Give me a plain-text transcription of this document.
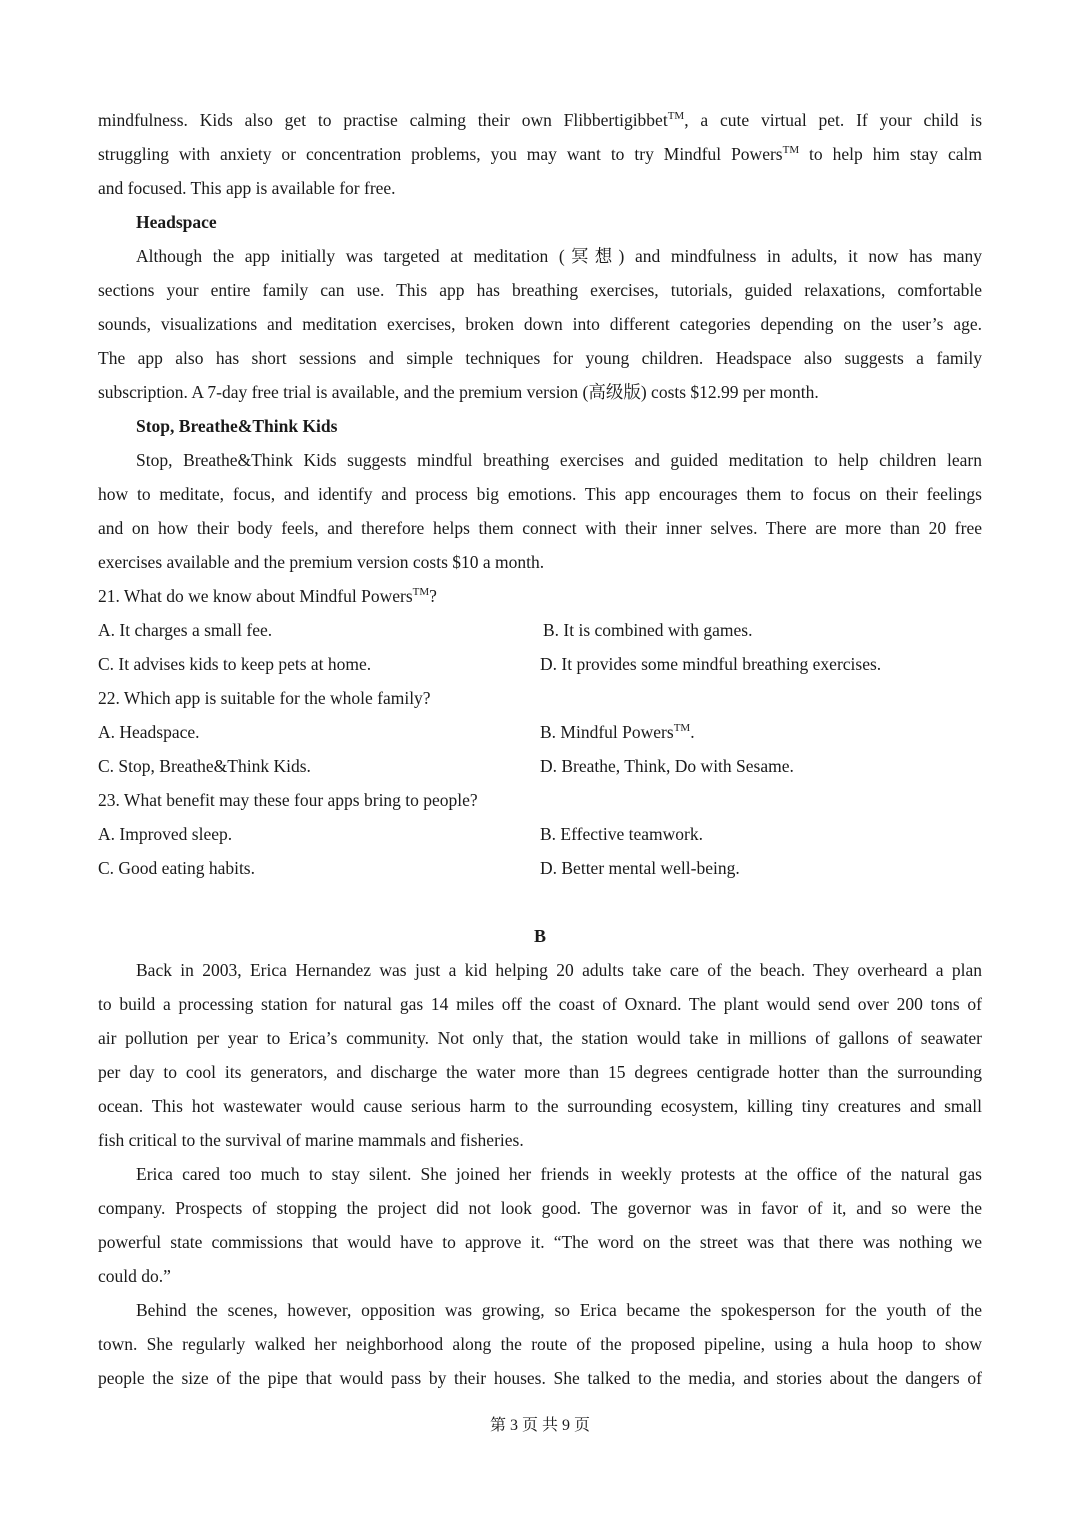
mindfulness. Kids also get to practise calming their own Flibbertigibbet™, a cute virtual pet. If your child is
struggling with anxiety or concentration problems, you may want to try Mindful Powers™ to help him stay calm
and focused. This app is available for free.
Headspace
Although the app initially was targeted at meditation (冥想) and mindfulness in adults, it now has many
sections your entire family can use. This app has breathing exercises, tutorials, guided relaxations, comfortable
sounds, visualizations and meditation exercises, broken down into different categories depending on the user’s age.
The app also has short sessions and simple techniques for young children. Headspace also suggests a family
subscription. A 7-day free trial is available, and the premium version (高级版) costs $12.99 per month.
Stop, Breathe&Think Kids
Stop, Breathe&Think Kids suggests mindful breathing exercises and guided meditation to help children learn
how to meditate, focus, and identify and process big emotions. This app encourages them to focus on their feelings
and on how their body feels, and therefore helps them connect with their inner selves. There are more than 20 free
exercises available and the premium version costs $10 a month.
21. What do we know about Mindful Powers™?
A. It charges a small fee.	B. It is combined with games.
C. It advises kids to keep pets at home.	D. It provides some mindful breathing exercises.
22. Which app is suitable for the whole family?
A. Headspace.	B. Mindful Powers™.
C. Stop, Breathe&Think Kids.	D. Breathe, Think, Do with Sesame.
23. What benefit may these four apps bring to people?
A. Improved sleep.	B. Effective teamwork.
C. Good eating habits.	D. Better mental well-being.
B
Back in 2003, Erica Hernandez was just a kid helping 20 adults take care of the beach. They overheard a plan
to build a processing station for natural gas 14 miles off the coast of Oxnard. The plant would send over 200 tons of
air pollution per year to Erica’s community. Not only that, the station would take in millions of gallons of seawater
per day to cool its generators, and discharge the water more than 15 degrees centigrade hotter than the surrounding
ocean. This hot wastewater would cause serious harm to the surrounding ecosystem, killing tiny creatures and small
fish critical to the survival of marine mammals and fisheries.
Erica cared too much to stay silent. She joined her friends in weekly protests at the office of the natural gas
company. Prospects of stopping the project did not look good. The governor was in favor of it, and so were the
powerful state commissions that would have to approve it. “The word on the street was that there was nothing we
could do.”
Behind the scenes, however, opposition was growing, so Erica became the spokesperson for the youth of the
town. She regularly walked her neighborhood along the route of the proposed pipeline, using a hula hoop to show
people the size of the pipe that would pass by their houses. She talked to the media, and stories about the dangers of
第 3 页 共 9 页
